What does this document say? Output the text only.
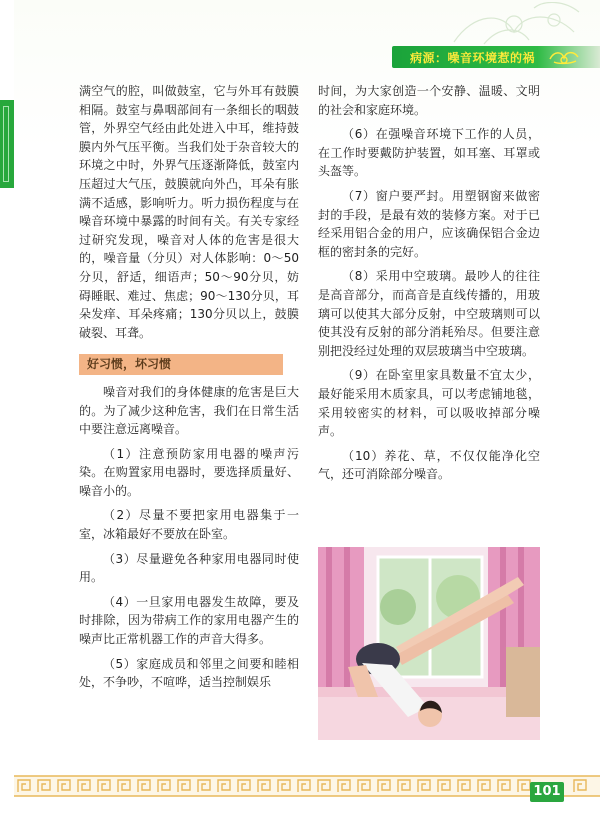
病源：噪音环境惹的祸

满空气的腔，叫做鼓室，它与外耳有鼓膜相隔。鼓室与鼻咽部间有一条细长的咽鼓管，外界空气经由此处进入中耳，维持鼓膜内外气压平衡。当我们处于杂音较大的环境之中时，外界气压逐渐降低，鼓室内压超过大气压，鼓膜就向外凸，耳朵有胀满不适感，影响听力。听力损伤程度与在噪音环境中暴露的时间有关。有关专家经过研究发现，噪音对人体的危害是很大的，噪音量（分贝）对人体影响：0～50分贝，舒适，细语声；50～90分贝，妨碍睡眠、难过、焦虑；90～130分贝，耳朵发痒、耳朵疼痛；130分贝以上，鼓膜破裂、耳聋。

好习惯，坏习惯

噪音对我们的身体健康的危害是巨大的。为了减少这种危害，我们在日常生活中要注意远离噪音。

（1）注意预防家用电器的噪声污染。在购置家用电器时，要选择质量好、噪音小的。

（2）尽量不要把家用电器集于一室，冰箱最好不要放在卧室。

（3）尽量避免各种家用电器同时使用。

（4）一旦家用电器发生故障，要及时排除，因为带病工作的家用电器产生的噪声比正常机器工作的声音大得多。

（5）家庭成员和邻里之间要和睦相处，不争吵，不喧哗，适当控制娱乐

时间，为大家创造一个安静、温暖、文明的社会和家庭环境。

（6）在强噪音环境下工作的人员，在工作时要戴防护装置，如耳塞、耳罩或头盔等。

（7）窗户要严封。用塑钢窗来做密封的手段，是最有效的装修方案。对于已经采用铝合金的用户，应该确保铝合金边框的密封条的完好。

（8）采用中空玻璃。最吵人的往往是高音部分，而高音是直线传播的，用玻璃可以使其大部分反射，中空玻璃则可以使其没有反射的部分消耗殆尽。但要注意别把没经过处理的双层玻璃当中空玻璃。

（9）在卧室里家具数量不宜太少，最好能采用木质家具，可以考虑铺地毯，采用较密实的材料，可以吸收掉部分噪声。

（10）养花、草，不仅仅能净化空气，还可消除部分噪音。

101
